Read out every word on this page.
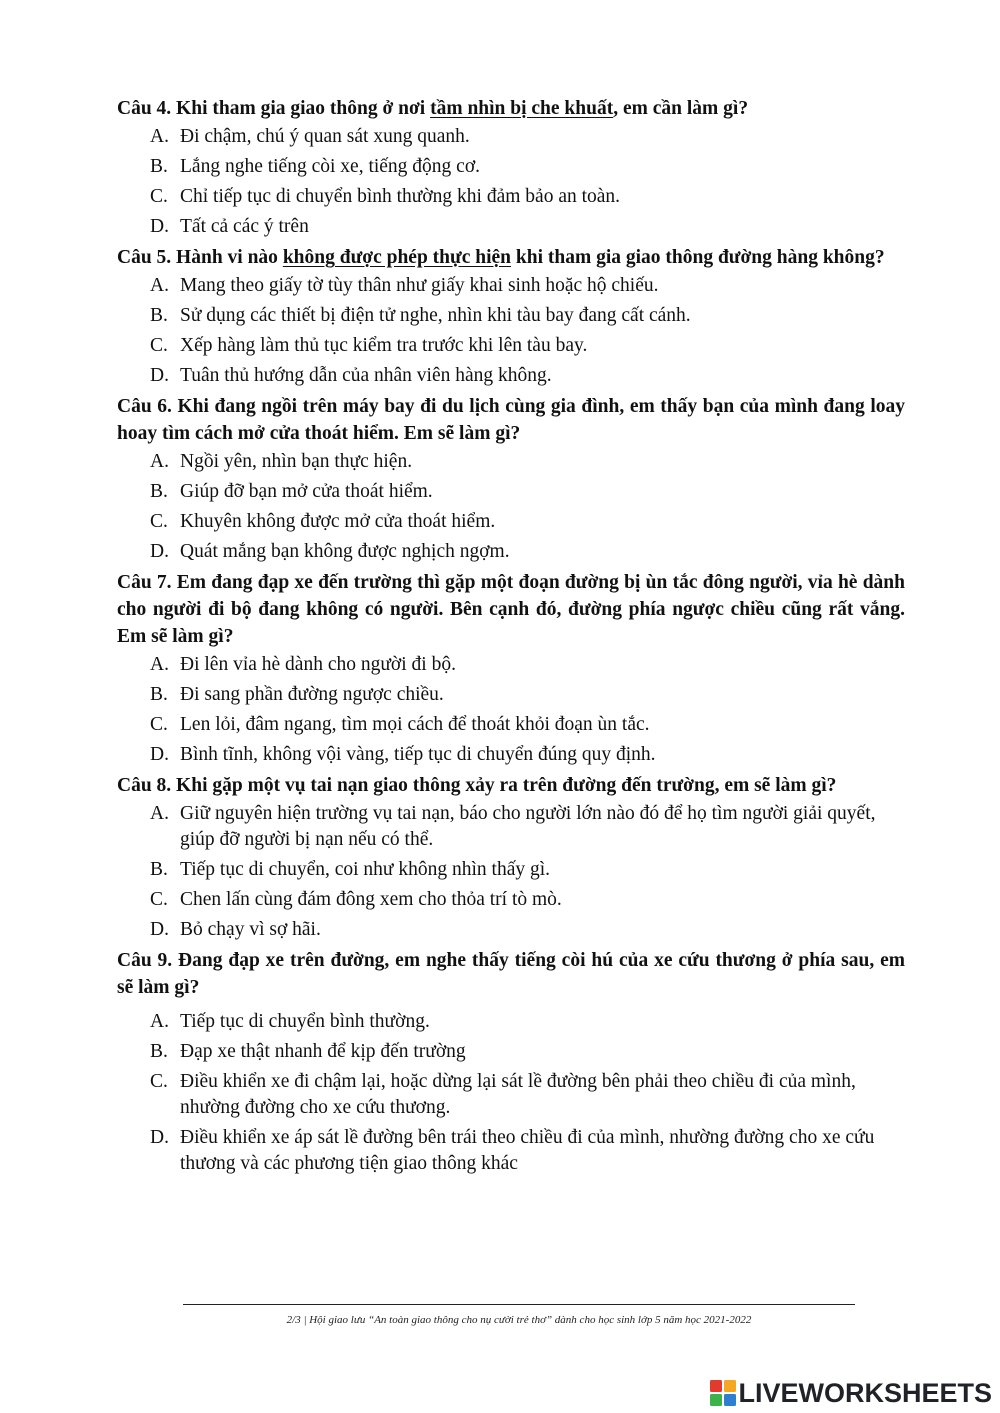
Câu 4. Khi tham gia giao thông ở nơi tầm nhìn bị che khuất, em cần làm gì?

A. Đi chậm, chú ý quan sát xung quanh.
B. Lắng nghe tiếng còi xe, tiếng động cơ.
C. Chỉ tiếp tục di chuyển bình thường khi đảm bảo an toàn.
D. Tất cả các ý trên

Câu 5. Hành vi nào không được phép thực hiện khi tham gia giao thông đường hàng không?

A. Mang theo giấy tờ tùy thân như giấy khai sinh hoặc hộ chiếu.
B. Sử dụng các thiết bị điện tử nghe, nhìn khi tàu bay đang cất cánh.
C. Xếp hàng làm thủ tục kiểm tra trước khi lên tàu bay.
D. Tuân thủ hướng dẫn của nhân viên hàng không.

Câu 6. Khi đang ngồi trên máy bay đi du lịch cùng gia đình, em thấy bạn của mình đang loay hoay tìm cách mở cửa thoát hiểm. Em sẽ làm gì?

A. Ngồi yên, nhìn bạn thực hiện.
B. Giúp đỡ bạn mở cửa thoát hiểm.
C. Khuyên không được mở cửa thoát hiểm.
D. Quát mắng bạn không được nghịch ngợm.

Câu 7. Em đang đạp xe đến trường thì gặp một đoạn đường bị ùn tắc đông người, vỉa hè dành cho người đi bộ đang không có người. Bên cạnh đó, đường phía ngược chiều cũng rất vắng. Em sẽ làm gì?

A. Đi lên vỉa hè dành cho người đi bộ.
B. Đi sang phần đường ngược chiều.
C. Len lỏi, đâm ngang, tìm mọi cách để thoát khỏi đoạn ùn tắc.
D. Bình tĩnh, không vội vàng, tiếp tục di chuyển đúng quy định.

Câu 8. Khi gặp một vụ tai nạn giao thông xảy ra trên đường đến trường, em sẽ làm gì?

A. Giữ nguyên hiện trường vụ tai nạn, báo cho người lớn nào đó để họ tìm người giải quyết, giúp đỡ người bị nạn nếu có thể.
B. Tiếp tục di chuyển, coi như không nhìn thấy gì.
C. Chen lấn cùng đám đông xem cho thỏa trí tò mò.
D. Bỏ chạy vì sợ hãi.

Câu 9. Đang đạp xe trên đường, em nghe thấy tiếng còi hú của xe cứu thương ở phía sau, em sẽ làm gì?

A. Tiếp tục di chuyển bình thường.
B. Đạp xe thật nhanh để kịp đến trường
C. Điều khiển xe đi chậm lại, hoặc dừng lại sát lề đường bên phải theo chiều đi của mình, nhường đường cho xe cứu thương.
D. Điều khiển xe áp sát lề đường bên trái theo chiều đi của mình, nhường đường cho xe cứu thương và các phương tiện giao thông khác
2/3 | Hội giao lưu “An toàn giao thông cho nụ cười trẻ thơ” dành cho học sinh lớp 5 năm học 2021-2022
LIVEWORKSHEETS
